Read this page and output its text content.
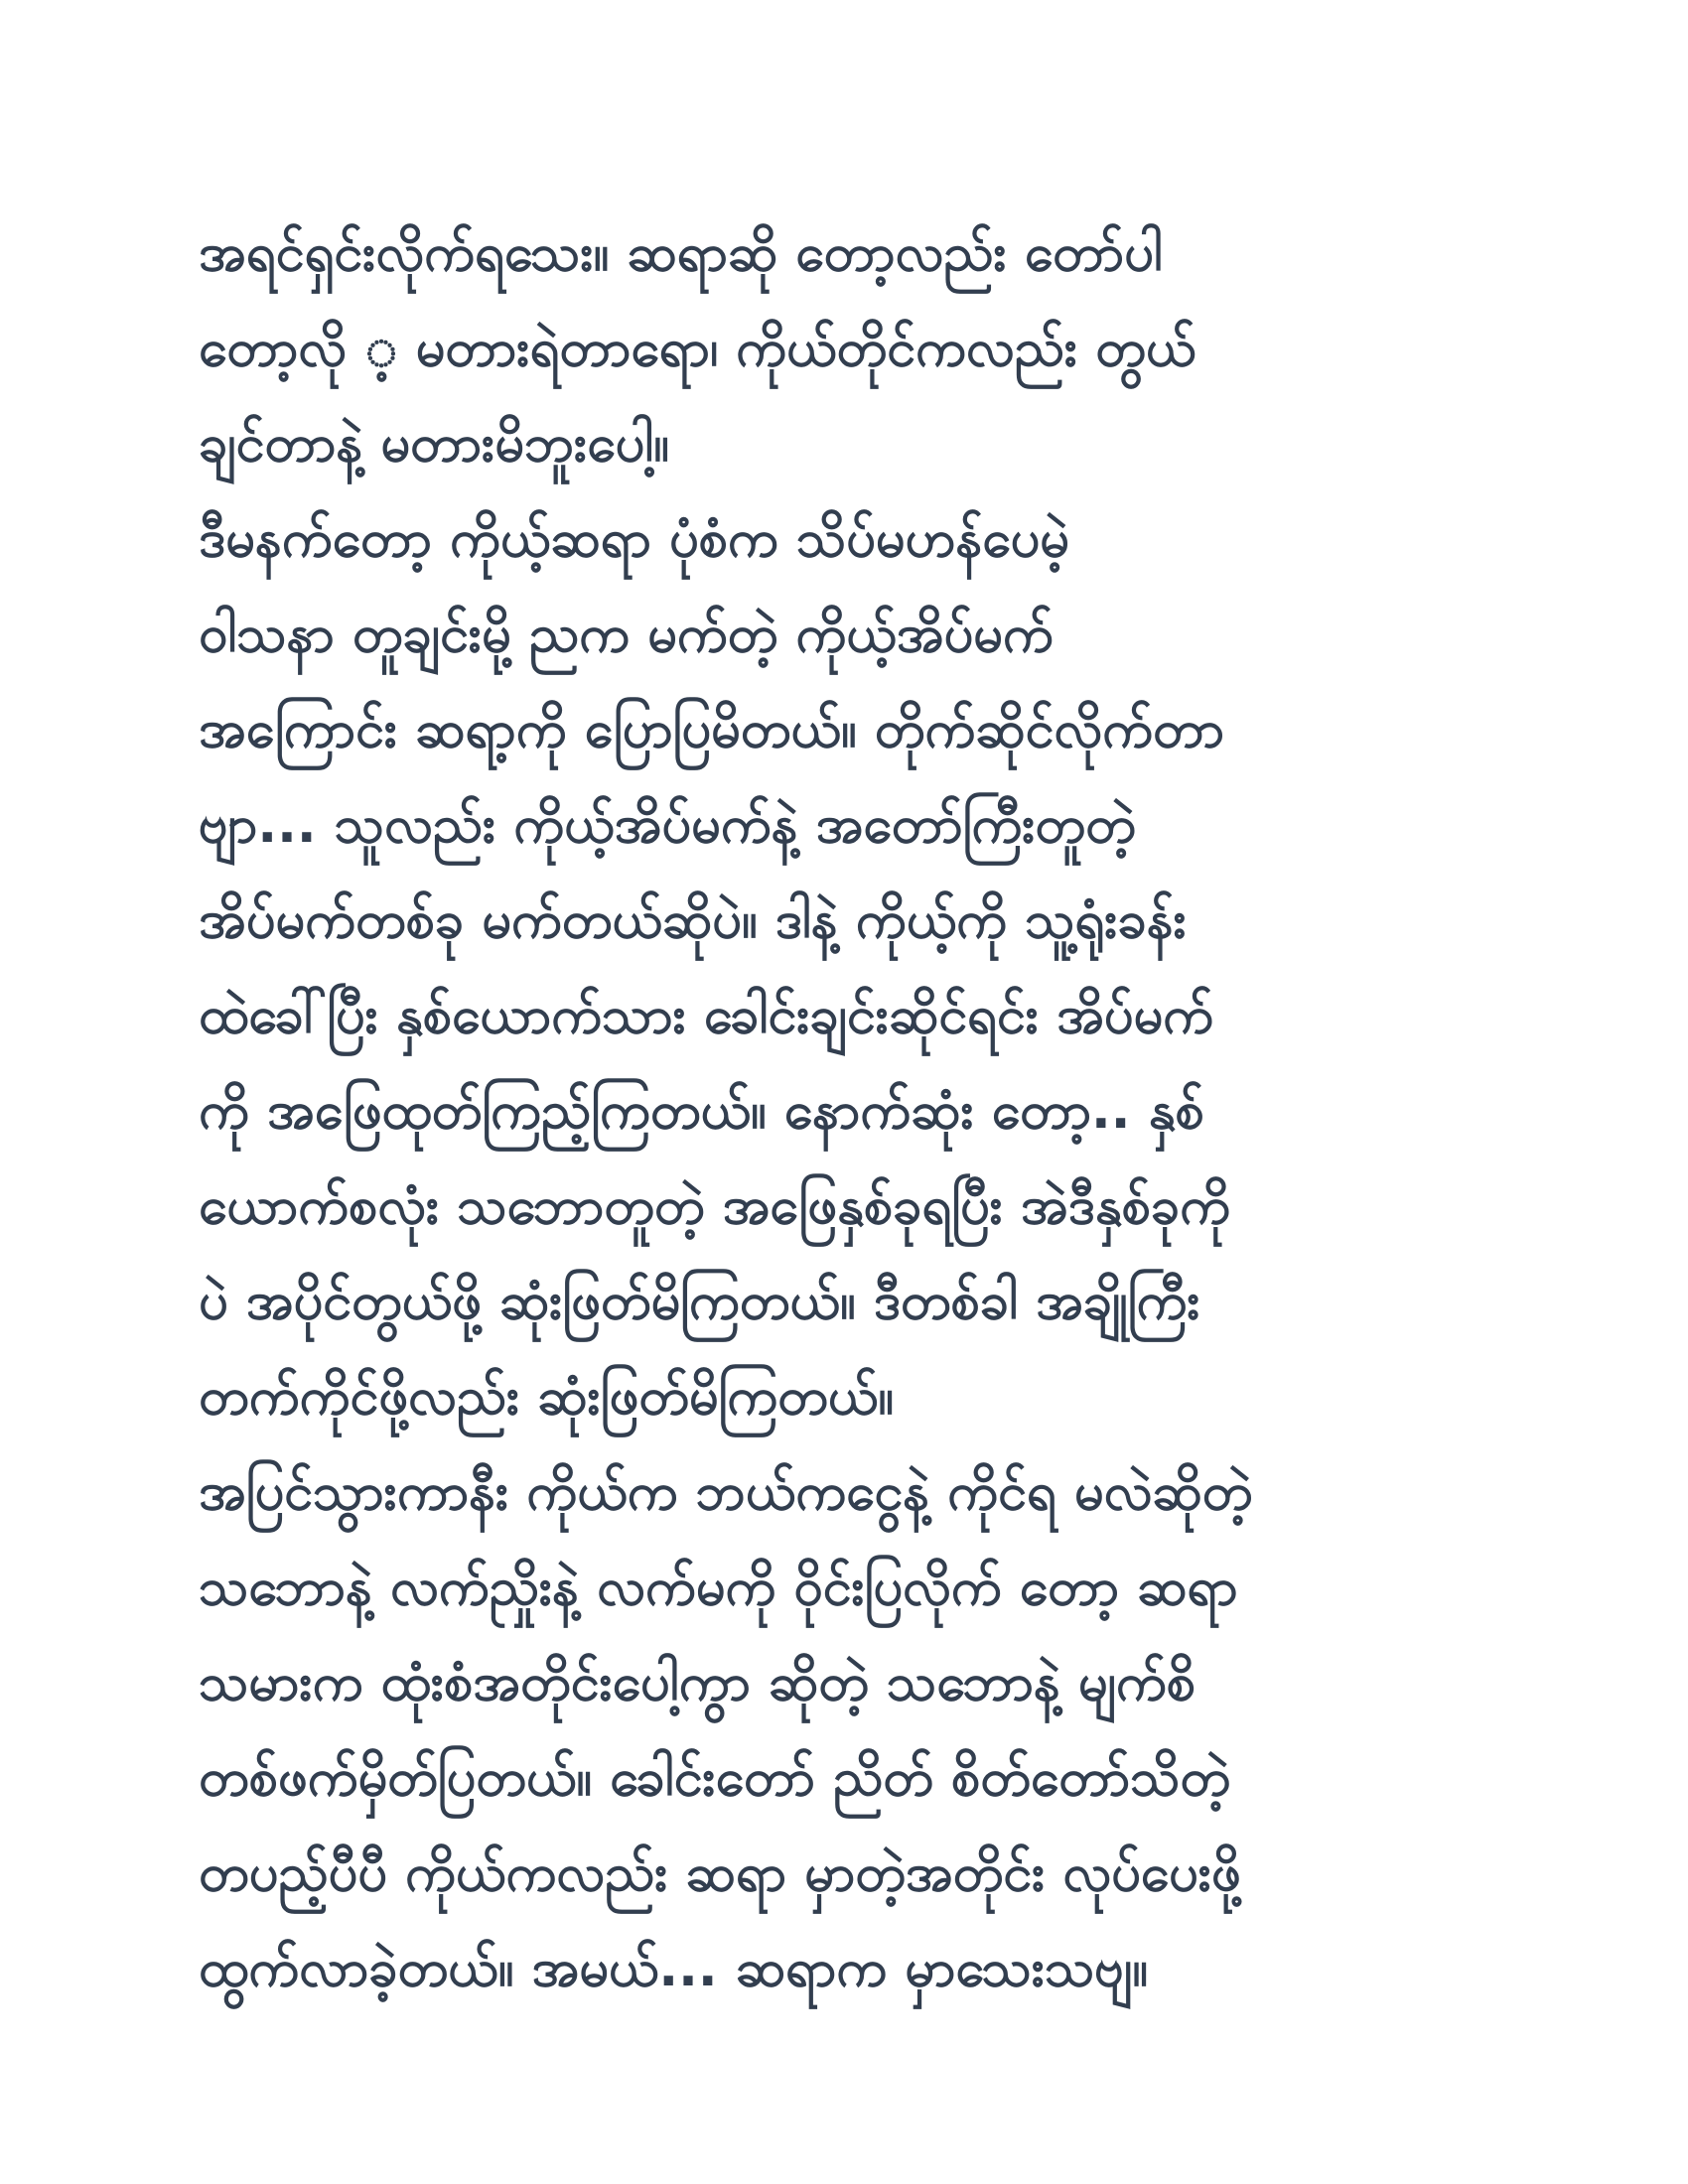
အရင်ရှင်းလိုက်ရသေး။ ဆရာဆို တော့လည်း တော်ပါ
တော့လို ့ မတားရဲတာရော၊ ကိုယ်တိုင်ကလည်း တွယ်
ချင်တာနဲ့ မတားမိဘူးပေါ့။
ဒီမနက်တော့ ကိုယ့်ဆရာ ပုံစံက သိပ်မဟန်ပေမဲ့
ဝါသနာ တူချင်းမို့ ညက မက်တဲ့ ကိုယ့်အိပ်မက်
အကြောင်း ဆရာ့ကို ပြောပြမိတယ်။ တိုက်ဆိုင်လိုက်တာ
ဗျာ... သူလည်း ကိုယ့်အိပ်မက်နဲ့ အတော်ကြီးတူတဲ့
အိပ်မက်တစ်ခု မက်တယ်ဆိုပဲ။ ဒါနဲ့ ကိုယ့်ကို သူ့ရုံးခန်း
ထဲခေါ်ပြီး နှစ်ယောက်သား ခေါင်းချင်းဆိုင်ရင်း အိပ်မက်
ကို အဖြေထုတ်ကြည့်ကြတယ်။ နောက်ဆုံး တော့.. နှစ်
ယောက်စလုံး သဘောတူတဲ့ အဖြေနှစ်ခုရပြီး အဲဒီနှစ်ခုကို
ပဲ အပိုင်တွယ်ဖို့ ဆုံးဖြတ်မိကြတယ်။ ဒီတစ်ခါ အချိုကြီး
တက်ကိုင်ဖို့လည်း ဆုံးဖြတ်မိကြတယ်။
အပြင်သွားကာနီး ကိုယ်က ဘယ်ကငွေနဲ့ ကိုင်ရ မလဲဆိုတဲ့
သဘောနဲ့ လက်ညှိုးနဲ့ လက်မကို ဝိုင်းပြလိုက် တော့ ဆရာ
သမားက ထုံးစံအတိုင်းပေါ့ကွာ ဆိုတဲ့ သဘောနဲ့ မျက်စိ
တစ်ဖက်မှိတ်ပြတယ်။ ခေါင်းတော် ညိတ် စိတ်တော်သိတဲ့
တပည့်ပီပီ ကိုယ်ကလည်း ဆရာ မှာတဲ့အတိုင်း လုပ်ပေးဖို့
ထွက်လာခဲ့တယ်။ အမယ်... ဆရာက မှာသေးသဗျ။
